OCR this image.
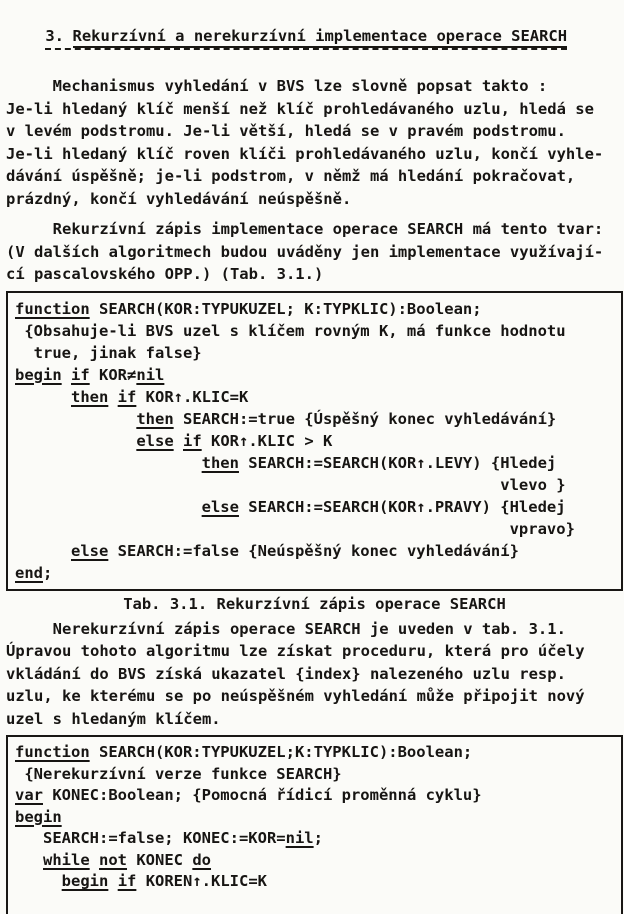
3. Rekurzívní a nerekurzívní implementace operace SEARCH

Mechanismus vyhledání v BVS lze slovně popsat takto :
Je-li hledaný klíč menší než klíč prohledávaného uzlu, hledá se
v levém podstromu. Je-li větší, hledá se v pravém podstromu.
Je-li hledaný klíč roven klíči prohledávaného uzlu, končí vyhle-
dávání úspěšně; je-li podstrom, v němž má hledání pokračovat,
prázdný, končí vyhledávání neúspěšně.
Rekurzívní zápis implementace operace SEARCH má tento tvar:
(V dalších algoritmech budou uváděny jen implementace využívají-
cí pascalovského OPP.) (Tab. 3.1.)
function SEARCH(KOR:TYPUKUZEL; K:TYPKLIC):Boolean;
{Obsahuje-li BVS uzel s klíčem rovným K, má funkce hodnotu
true, jinak false}
begin if KOR≠nil
then if KOR↑.KLIC=K
then SEARCH:=true {Úspěšný konec vyhledávání}
else if KOR↑.KLIC > K
then SEARCH:=SEARCH(KOR↑.LEVY) {Hledej
vlevo }
else SEARCH:=SEARCH(KOR↑.PRAVY) {Hledej
vpravo}
else SEARCH:=false {Neúspěšný konec vyhledávání}
end;
Tab. 3.1. Rekurzívní zápis operace SEARCH
Nerekurzívní zápis operace SEARCH je uveden v tab. 3.1.
Úpravou tohoto algoritmu lze získat proceduru, která pro účely
vkládání do BVS získá ukazatel {index} nalezeného uzlu resp.
uzlu, ke kterému se po neúspěšném vyhledání může připojit nový
uzel s hledaným klíčem.
function SEARCH(KOR:TYPUKUZEL;K:TYPKLIC):Boolean;
{Nerekurzívní verze funkce SEARCH}
var KONEC:Boolean; {Pomocná řídicí proměnná cyklu}
begin
SEARCH:=false; KONEC:=KOR=nil;
while not KONEC do
begin if KOREN↑.KLIC=K
